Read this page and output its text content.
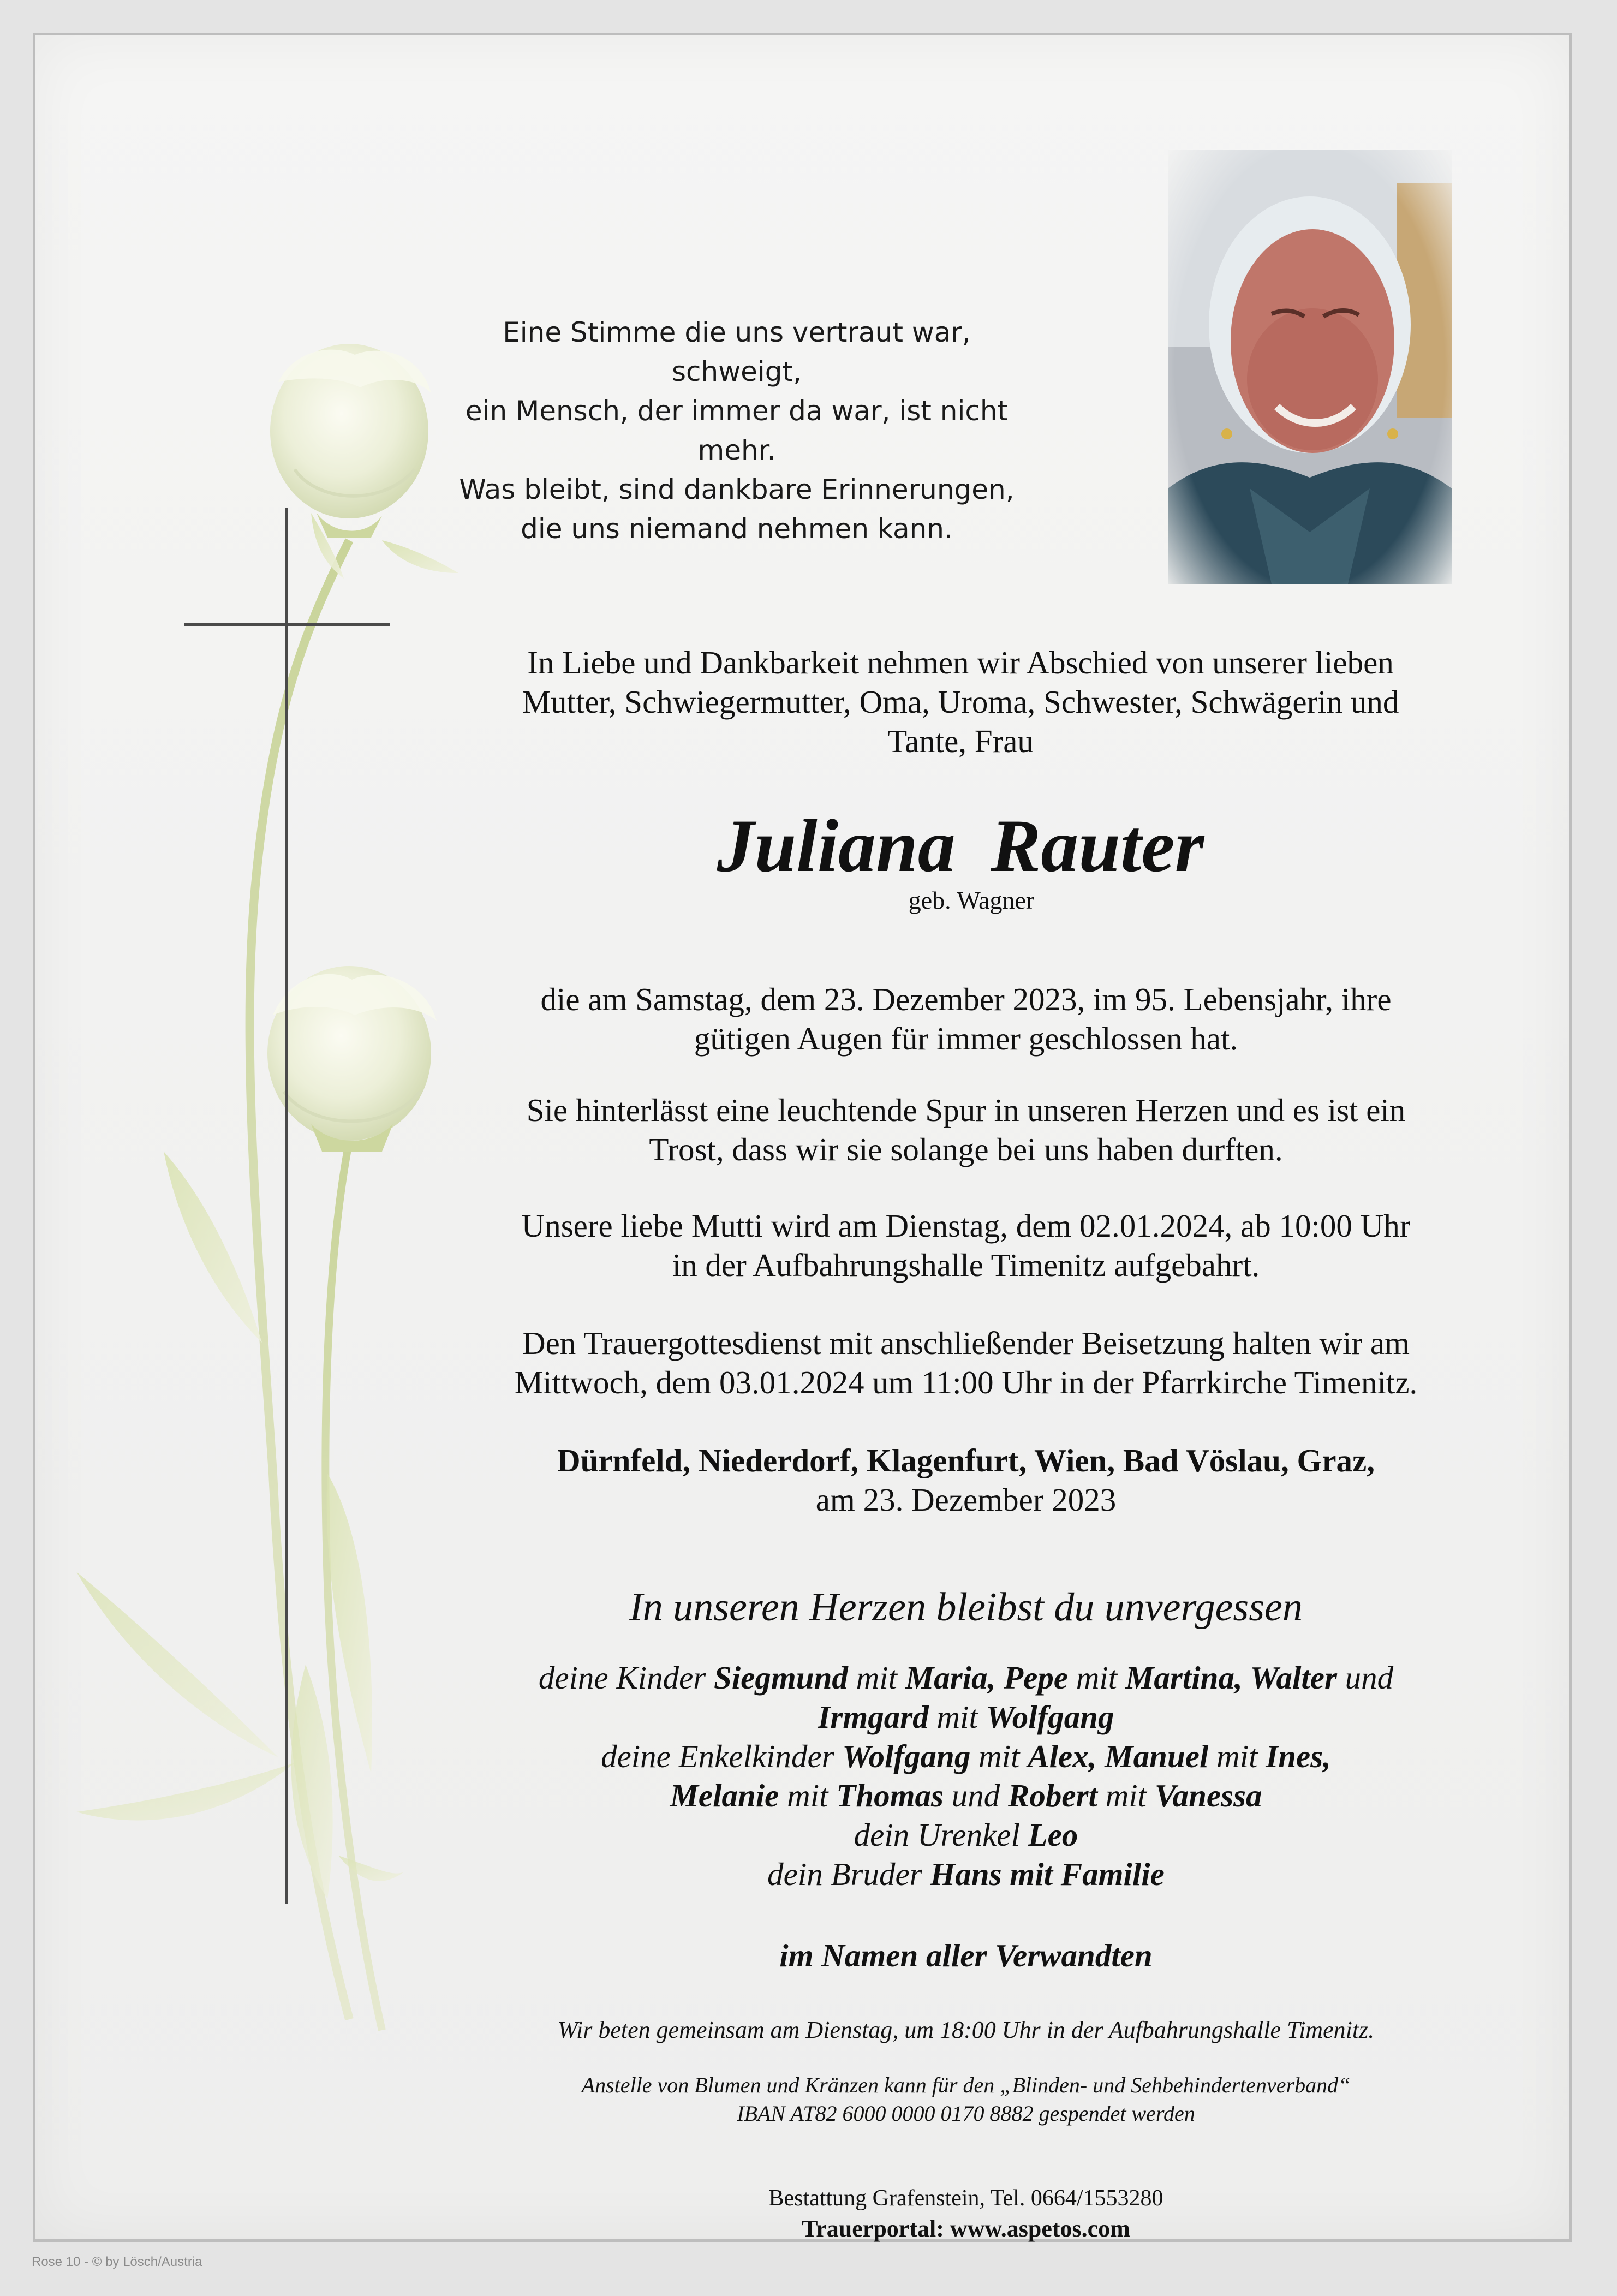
Eine Stimme die uns vertraut war, schweigt,
ein Mensch, der immer da war, ist nicht mehr.
Was bleibt, sind dankbare Erinnerungen,
die uns niemand nehmen kann.
In Liebe und Dankbarkeit nehmen wir Abschied von unserer lieben
Mutter, Schwiegermutter, Oma, Uroma, Schwester, Schwägerin und
Tante, Frau
Juliana Rauter
geb. Wagner
die am Samstag, dem 23. Dezember 2023, im 95. Lebensjahr, ihre
gütigen Augen für immer geschlossen hat.
Sie hinterlässt eine leuchtende Spur in unseren Herzen und es ist ein
Trost, dass wir sie solange bei uns haben durften.
Unsere liebe Mutti wird am Dienstag, dem 02.01.2024, ab 10:00 Uhr
in der Aufbahrungshalle Timenitz aufgebahrt.
Den Trauergottesdienst mit anschließender Beisetzung halten wir am
Mittwoch, dem 03.01.2024 um 11:00 Uhr in der Pfarrkirche Timenitz.
Dürnfeld, Niederdorf, Klagenfurt, Wien, Bad Vöslau, Graz,
am 23. Dezember 2023
In unseren Herzen bleibst du unvergessen
deine Kinder Siegmund mit Maria, Pepe mit Martina, Walter und
Irmgard mit Wolfgang
deine Enkelkinder Wolfgang mit Alex, Manuel mit Ines,
Melanie mit Thomas und Robert mit Vanessa
dein Urenkel Leo
dein Bruder Hans mit Familie
im Namen aller Verwandten
Wir beten gemeinsam am Dienstag, um 18:00 Uhr in der Aufbahrungshalle Timenitz.
Anstelle von Blumen und Kränzen kann für den „Blinden- und Sehbehindertenverband“
IBAN AT82 6000 0000 0170 8882 gespendet werden
Bestattung Grafenstein, Tel. 0664/1553280
Trauerportal: www.aspetos.com
Rose 10 - © by Lösch/Austria
